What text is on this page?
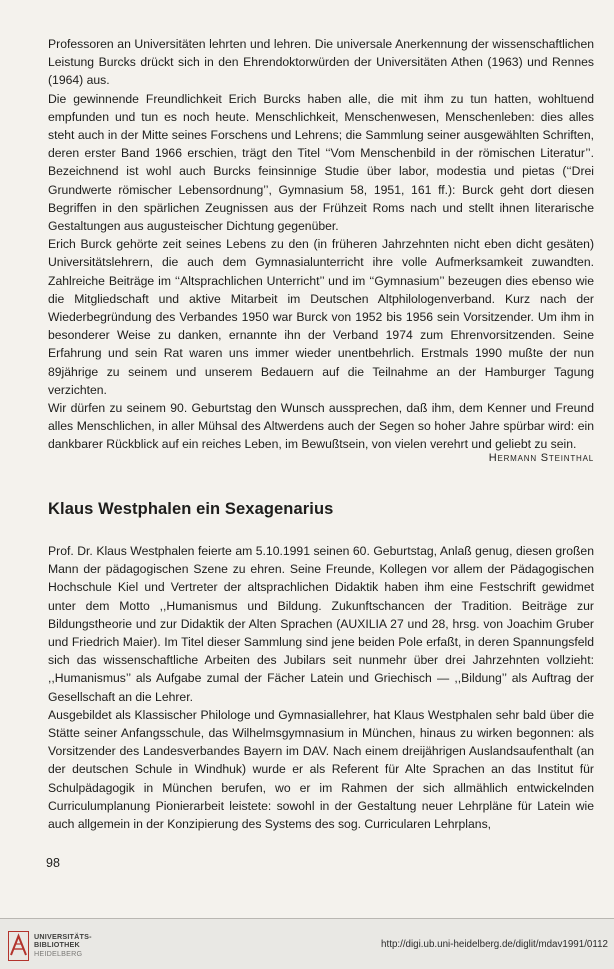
Professoren an Universitäten lehrten und lehren. Die universale Anerkennung der wissenschaftlichen Leistung Burcks drückt sich in den Ehrendoktorwürden der Universitäten Athen (1963) und Rennes (1964) aus.

Die gewinnende Freundlichkeit Erich Burcks haben alle, die mit ihm zu tun hatten, wohltuend empfunden und tun es noch heute. Menschlichkeit, Menschenwesen, Menschenleben: dies alles steht auch in der Mitte seines Forschens und Lehrens; die Sammlung seiner ausgewählten Schriften, deren erster Band 1966 erschien, trägt den Titel ‘‘Vom Menschenbild in der römischen Literatur’’. Bezeichnend ist wohl auch Burcks feinsinnige Studie über labor, modestia und pietas (‘‘Drei Grundwerte römischer Lebensordnung’’, Gymnasium 58, 1951, 161 ff.): Burck geht dort diesen Begriffen in den spärlichen Zeugnissen aus der Frühzeit Roms nach und stellt ihnen literarische Gestaltungen aus augusteischer Dichtung gegenüber.

Erich Burck gehörte zeit seines Lebens zu den (in früheren Jahrzehnten nicht eben dicht gesäten) Universitätslehrern, die auch dem Gymnasialunterricht ihre volle Aufmerksamkeit zuwandten. Zahlreiche Beiträge im ‘‘Altsprachlichen Unterricht’’ und im ‘‘Gymnasium’’ bezeugen dies ebenso wie die Mitgliedschaft und aktive Mitarbeit im Deutschen Altphilologenverband. Kurz nach der Wiederbegründung des Verbandes 1950 war Burck von 1952 bis 1956 sein Vorsitzender. Um ihm in besonderer Weise zu danken, ernannte ihn der Verband 1974 zum Ehrenvorsitzenden. Seine Erfahrung und sein Rat waren uns immer wieder unentbehrlich. Erstmals 1990 mußte der nun 89jährige zu seinem und unserem Bedauern auf die Teilnahme an der Hamburger Tagung verzichten.

Wir dürfen zu seinem 90. Geburtstag den Wunsch aussprechen, daß ihm, dem Kenner und Freund alles Menschlichen, in aller Mühsal des Altwerdens auch der Segen so hoher Jahre spürbar wird: ein dankbarer Rückblick auf ein reiches Leben, im Bewußtsein, von vielen verehrt und geliebt zu sein.

Hermann Steinthal
Klaus Westphalen ein Sexagenarius

Prof. Dr. Klaus Westphalen feierte am 5.10.1991 seinen 60. Geburtstag, Anlaß genug, diesen großen Mann der pädagogischen Szene zu ehren. Seine Freunde, Kollegen vor allem der Pädagogischen Hochschule Kiel und Vertreter der altsprachlichen Didaktik haben ihm eine Festschrift gewidmet unter dem Motto ,,Humanismus und Bildung. Zukunftschancen der Tradition. Beiträge zur Bildungstheorie und zur Didaktik der Alten Sprachen (AUXILIA 27 und 28, hrsg. von Joachim Gruber und Friedrich Maier). Im Titel dieser Sammlung sind jene beiden Pole erfaßt, in deren Spannungsfeld sich das wissenschaftliche Arbeiten des Jubilars seit nunmehr über drei Jahrzehnten vollzieht: ,,Humanismus’’ als Aufgabe zumal der Fächer Latein und Griechisch — ,,Bildung’’ als Auftrag der Gesellschaft an die Lehrer.

Ausgebildet als Klassischer Philologe und Gymnasiallehrer, hat Klaus Westphalen sehr bald über die Stätte seiner Anfangsschule, das Wilhelmsgymnasium in München, hinaus zu wirken begonnen: als Vorsitzender des Landesverbandes Bayern im DAV. Nach einem dreijährigen Auslandsaufenthalt (an der deutschen Schule in Windhuk) wurde er als Referent für Alte Sprachen an das Institut für Schulpädagogik in München berufen, wo er im Rahmen der sich allmählich entwickelnden Curriculumplanung Pionierarbeit leistete: sowohl in der Gestaltung neuer Lehrpläne für Latein wie auch allgemein in der Konzipierung des Systems des sog. Curricularen Lehrplans,

98
UNIVERSITÄTS-
BIBLIOTHEK
HEIDELBERG
http://digi.ub.uni-heidelberg.de/diglit/mdav1991/0112
